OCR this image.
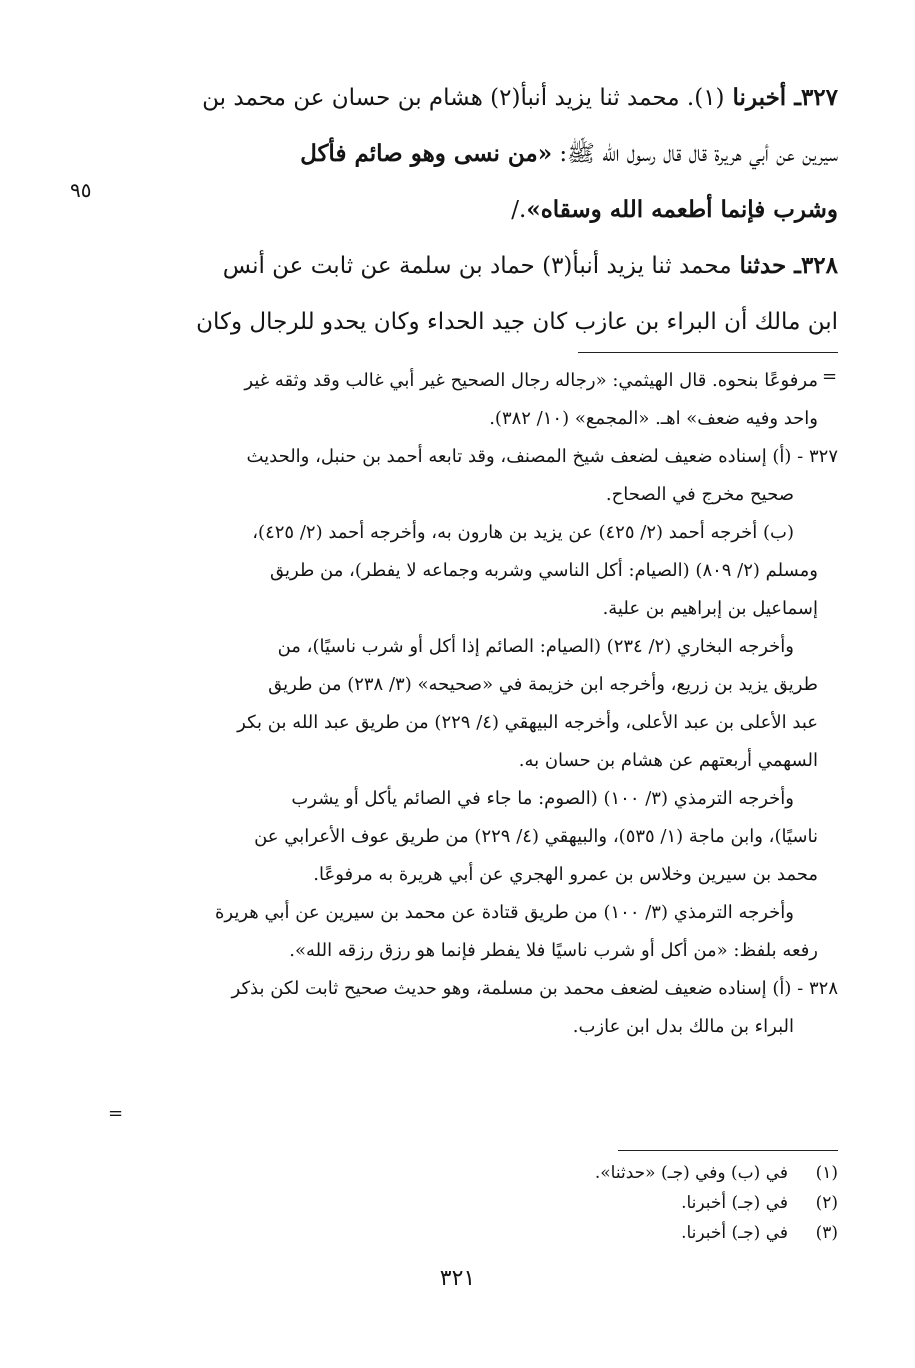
٣٢٧ـ أخبرنا (١). محمد ثنا يزيد أنبأ(٢) هشام بن حسان عن محمد بن
سيرين عن أبي هريرة قال قال رسول الله ﷺ: «من نسى وهو صائم فأكل
وشرب فإنما أطعمه الله وسقاه»./
٣٢٨ـ حدثنا محمد ثنا يزيد أنبأ(٣) حماد بن سلمة عن ثابت عن أنس
ابن مالك أن البراء بن عازب كان جيد الحداء وكان يحدو للرجال وكان
٩٥
مرفوعًا بنحوه. قال الهيثمي: «رجاله رجال الصحيح غير أبي غالب وقد وثقه غير
واحد وفيه ضعف» اهـ. «المجمع» (١٠/ ٣٨٢).
٣٢٧ - (أ) إسناده ضعيف لضعف شيخ المصنف، وقد تابعه أحمد بن حنبل، والحديث
صحيح مخرج في الصحاح.
(ب) أخرجه أحمد (٢/ ٤٢٥) عن يزيد بن هارون به، وأخرجه أحمد (٢/ ٤٢٥)،
ومسلم (٢/ ٨٠٩) (الصيام: أكل الناسي وشربه وجماعه لا يفطر)، من طريق
إسماعيل بن إبراهيم بن علية.
وأخرجه البخاري (٢/ ٢٣٤) (الصيام: الصائم إذا أكل أو شرب ناسيًا)، من
طريق يزيد بن زريع، وأخرجه ابن خزيمة في «صحيحه» (٣/ ٢٣٨) من طريق
عبد الأعلى بن عبد الأعلى، وأخرجه البيهقي (٤/ ٢٢٩) من طريق عبد الله بن بكر
السهمي أربعتهم عن هشام بن حسان به.
وأخرجه الترمذي (٣/ ١٠٠) (الصوم: ما جاء في الصائم يأكل أو يشرب
ناسيًا)، وابن ماجة (١/ ٥٣٥)، والبيهقي (٤/ ٢٢٩) من طريق عوف الأعرابي عن
محمد بن سيرين وخلاس بن عمرو الهجري عن أبي هريرة به مرفوعًا.
وأخرجه الترمذي (٣/ ١٠٠) من طريق قتادة عن محمد بن سيرين عن أبي هريرة
رفعه بلفظ: «من أكل أو شرب ناسيًا فلا يفطر فإنما هو رزق رزقه الله».
٣٢٨ - (أ) إسناده ضعيف لضعف محمد بن مسلمة، وهو حديث صحيح ثابت لكن بذكر
البراء بن مالك بدل ابن عازب.
=
=
(١)في (ب) وفي (جـ) «حدثنا».
(٢)في (جـ) أخبرنا.
(٣)في (جـ) أخبرنا.
٣٢١
